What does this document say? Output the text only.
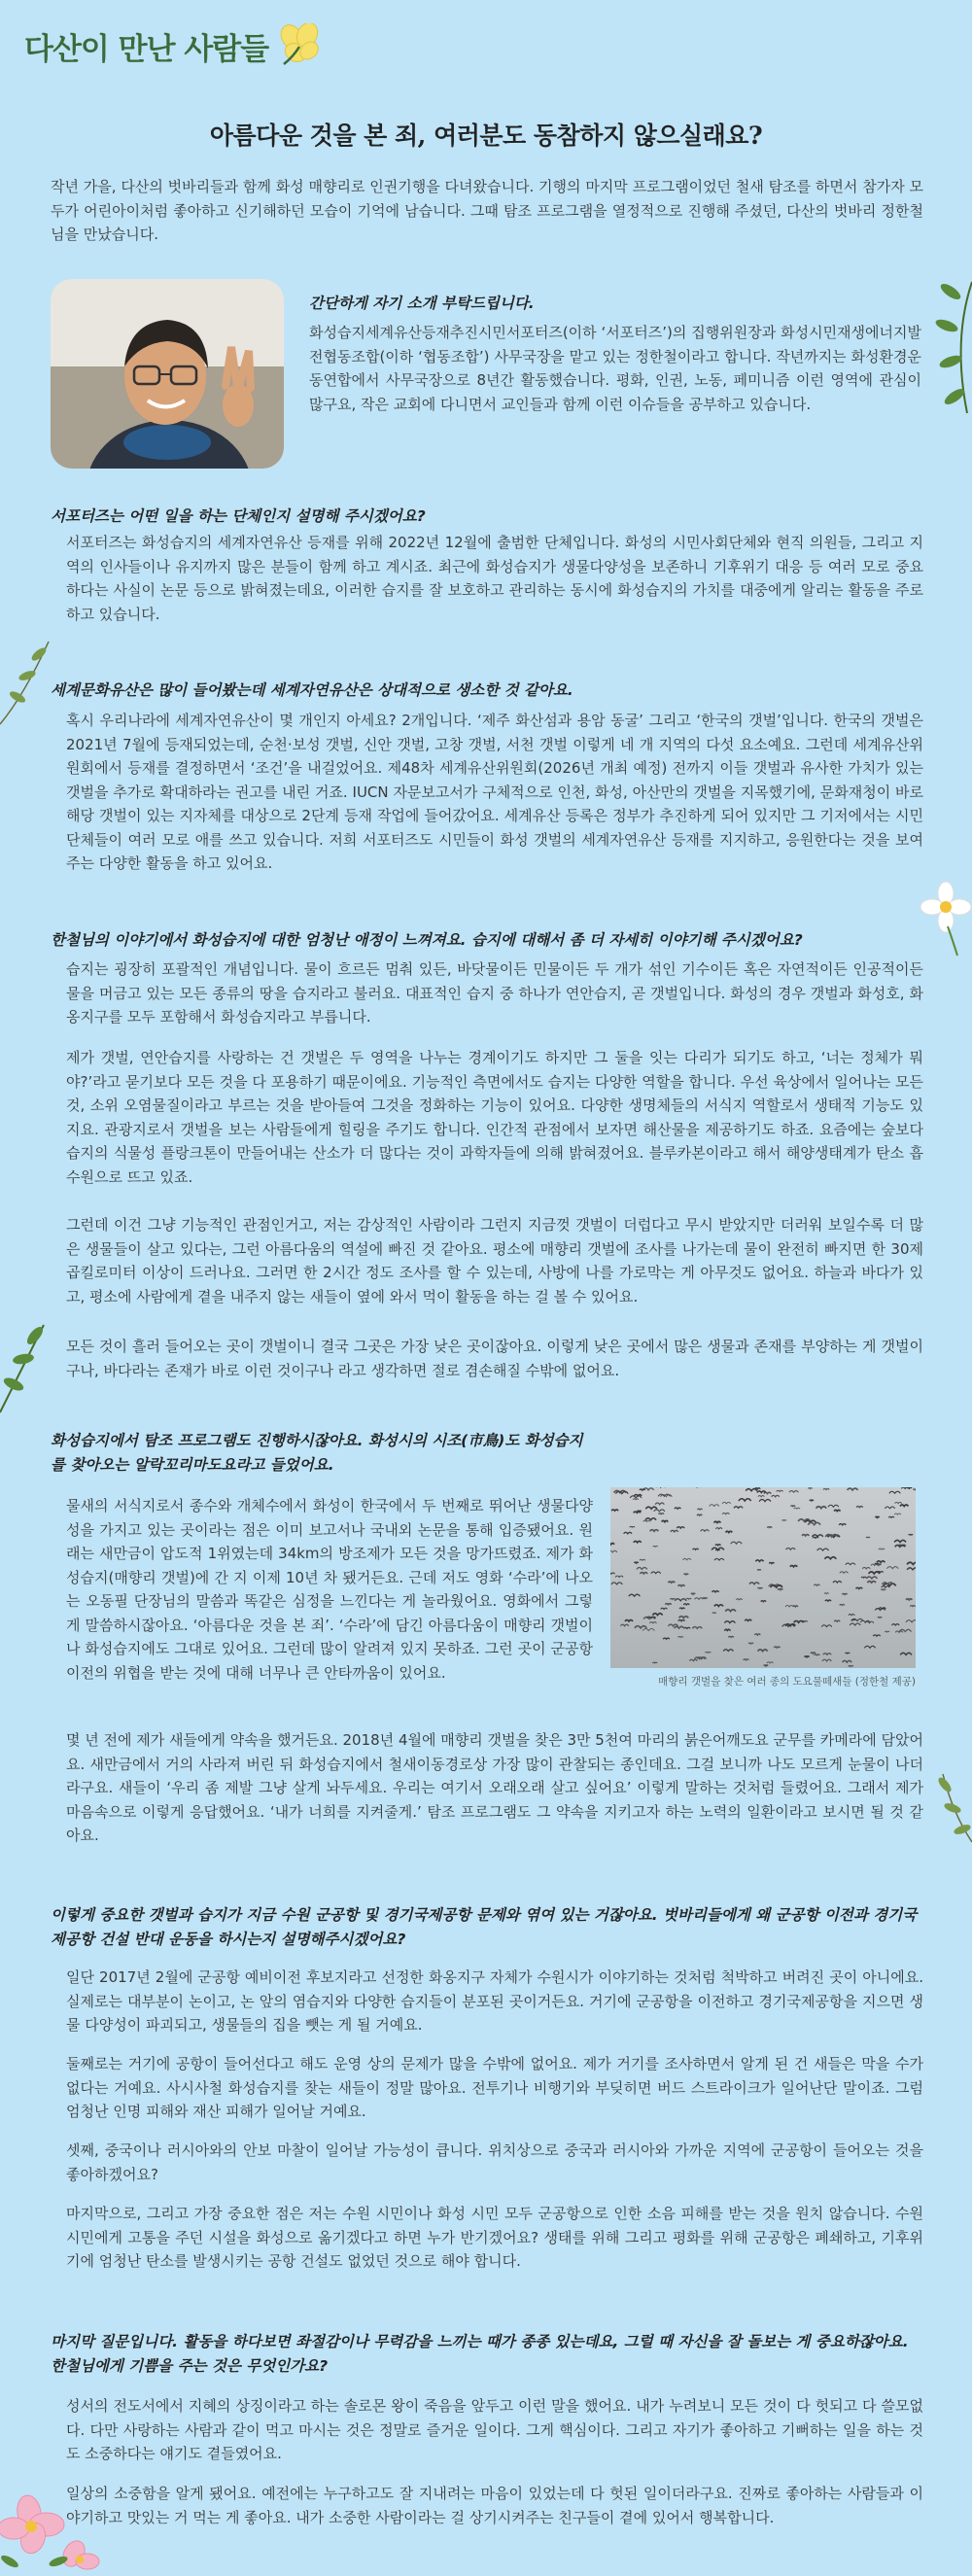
다산이 만난 사람들
아름다운 것을 본 죄, 여러분도 동참하지 않으실래요?

작년 가을, 다산의 벗바리들과 함께 화성 매향리로 인권기행을 다녀왔습니다. 기행의 마지막 프로그램이었던 철새 탐조를 하면서 참가자 모두가 어린아이처럼 좋아하고 신기해하던 모습이 기억에 남습니다. 그때 탐조 프로그램을 열정적으로 진행해 주셨던, 다산의 벗바리 정한철 님을 만났습니다.

간단하게 자기 소개 부탁드립니다.

화성습지세계유산등재추진시민서포터즈(이하 ‘서포터즈’)의 집행위원장과 화성시민재생에너지발전협동조합(이하 ‘협동조합’) 사무국장을 맡고 있는 정한철이라고 합니다. 작년까지는 화성환경운동연합에서 사무국장으로 8년간 활동했습니다. 평화, 인권, 노동, 페미니즘 이런 영역에 관심이 많구요, 작은 교회에 다니면서 교인들과 함께 이런 이슈들을 공부하고 있습니다.

서포터즈는 어떤 일을 하는 단체인지 설명해 주시겠어요?

서포터즈는 화성습지의 세계자연유산 등재를 위해 2022년 12월에 출범한 단체입니다. 화성의 시민사회단체와 현직 의원들, 그리고 지역의 인사들이나 유지까지 많은 분들이 함께 하고 계시죠. 최근에 화성습지가 생물다양성을 보존하니 기후위기 대응 등 여러 모로 중요하다는 사실이 논문 등으로 밝혀졌는데요, 이러한 습지를 잘 보호하고 관리하는 동시에 화성습지의 가치를 대중에게 알리는 활동을 주로 하고 있습니다.

세계문화유산은 많이 들어봤는데 세계자연유산은 상대적으로 생소한 것 같아요.

혹시 우리나라에 세계자연유산이 몇 개인지 아세요? 2개입니다. ‘제주 화산섬과 용암 동굴’ 그리고 ‘한국의 갯벌’입니다. 한국의 갯벌은 2021년 7월에 등재되었는데, 순천·보성 갯벌, 신안 갯벌, 고창 갯벌, 서천 갯벌 이렇게 네 개 지역의 다섯 요소예요. 그런데 세계유산위원회에서 등재를 결정하면서 ‘조건’을 내걸었어요. 제48차 세계유산위원회(2026년 개최 예정) 전까지 이들 갯벌과 유사한 가치가 있는 갯벌을 추가로 확대하라는 권고를 내린 거죠. IUCN 자문보고서가 구체적으로 인천, 화성, 아산만의 갯벌을 지목했기에, 문화재청이 바로 해당 갯벌이 있는 지자체를 대상으로 2단계 등재 작업에 들어갔어요. 세계유산 등록은 정부가 추진하게 되어 있지만 그 기저에서는 시민단체들이 여러 모로 애를 쓰고 있습니다. 저희 서포터즈도 시민들이 화성 갯벌의 세계자연유산 등재를 지지하고, 응원한다는 것을 보여주는 다양한 활동을 하고 있어요.

한철님의 이야기에서 화성습지에 대한 엄청난 애정이 느껴져요. 습지에 대해서 좀 더 자세히 이야기해 주시겠어요?

습지는 굉장히 포괄적인 개념입니다. 물이 흐르든 멈춰 있든, 바닷물이든 민물이든 두 개가 섞인 기수이든 혹은 자연적이든 인공적이든 물을 머금고 있는 모든 종류의 땅을 습지라고 불러요. 대표적인 습지 중 하나가 연안습지, 곧 갯벌입니다. 화성의 경우 갯벌과 화성호, 화옹지구를 모두 포함해서 화성습지라고 부릅니다.

제가 갯벌, 연안습지를 사랑하는 건 갯벌은 두 영역을 나누는 경계이기도 하지만 그 둘을 잇는 다리가 되기도 하고, ‘너는 정체가 뭐야?’라고 묻기보다 모든 것을 다 포용하기 때문이에요. 기능적인 측면에서도 습지는 다양한 역할을 합니다. 우선 육상에서 일어나는 모든 것, 소위 오염물질이라고 부르는 것을 받아들여 그것을 정화하는 기능이 있어요. 다양한 생명체들의 서식지 역할로서 생태적 기능도 있지요. 관광지로서 갯벌을 보는 사람들에게 힐링을 주기도 합니다. 인간적 관점에서 보자면 해산물을 제공하기도 하죠. 요즘에는 숲보다 습지의 식물성 플랑크톤이 만들어내는 산소가 더 많다는 것이 과학자들에 의해 밝혀졌어요. 블루카본이라고 해서 해양생태계가 탄소 흡수원으로 뜨고 있죠.

그런데 이건 그냥 기능적인 관점인거고, 저는 감상적인 사람이라 그런지 지금껏 갯벌이 더럽다고 무시 받았지만 더러워 보일수록 더 많은 생물들이 살고 있다는, 그런 아름다움의 역설에 빠진 것 같아요. 평소에 매향리 갯벌에 조사를 나가는데 물이 완전히 빠지면 한 30제곱킬로미터 이상이 드러나요. 그러면 한 2시간 정도 조사를 할 수 있는데, 사방에 나를 가로막는 게 아무것도 없어요. 하늘과 바다가 있고, 평소에 사람에게 곁을 내주지 않는 새들이 옆에 와서 먹이 활동을 하는 걸 볼 수 있어요.

모든 것이 흘러 들어오는 곳이 갯벌이니 결국 그곳은 가장 낮은 곳이잖아요. 이렇게 낮은 곳에서 많은 생물과 존재를 부양하는 게 갯벌이구나, 바다라는 존재가 바로 이런 것이구나 라고 생각하면 절로 겸손해질 수밖에 없어요.

화성습지에서 탐조 프로그램도 진행하시잖아요. 화성시의 시조(市鳥)도 화성습지를 찾아오는 알락꼬리마도요라고 들었어요.

물새의 서식지로서 종수와 개체수에서 화성이 한국에서 두 번째로 뛰어난 생물다양성을 가지고 있는 곳이라는 점은 이미 보고서나 국내외 논문을 통해 입증됐어요. 원래는 새만금이 압도적 1위였는데 34km의 방조제가 모든 것을 망가뜨렸죠. 제가 화성습지(매향리 갯벌)에 간 지 이제 10년 차 됐거든요. 근데 저도 영화 ‘수라’에 나오는 오동필 단장님의 말씀과 똑같은 심정을 느낀다는 게 놀라웠어요. 영화에서 그렇게 말씀하시잖아요. ‘아름다운 것을 본 죄’. ‘수라’에 담긴 아름다움이 매향리 갯벌이나 화성습지에도 그대로 있어요. 그런데 많이 알려져 있지 못하죠. 그런 곳이 군공항 이전의 위협을 받는 것에 대해 너무나 큰 안타까움이 있어요.

매향리 갯벌을 찾은 여러 종의 도요물떼새들 (정한철 제공)

몇 년 전에 제가 새들에게 약속을 했거든요. 2018년 4월에 매향리 갯벌을 찾은 3만 5천여 마리의 붉은어깨도요 군무를 카메라에 담았어요. 새만금에서 거의 사라져 버린 뒤 화성습지에서 철새이동경로상 가장 많이 관찰되는 종인데요. 그걸 보니까 나도 모르게 눈물이 나더라구요. 새들이 ‘우리 좀 제발 그냥 살게 놔두세요. 우리는 여기서 오래오래 살고 싶어요’ 이렇게 말하는 것처럼 들렸어요. 그래서 제가 마음속으로 이렇게 응답했어요. ‘내가 너희를 지켜줄게.’ 탐조 프로그램도 그 약속을 지키고자 하는 노력의 일환이라고 보시면 될 것 같아요.

이렇게 중요한 갯벌과 습지가 지금 수원 군공항 및 경기국제공항 문제와 엮여 있는 거잖아요. 벗바리들에게 왜 군공항 이전과 경기국제공항 건설 반대 운동을 하시는지 설명해주시겠어요?

일단 2017년 2월에 군공항 예비이전 후보지라고 선정한 화옹지구 자체가 수원시가 이야기하는 것처럼 척박하고 버려진 곳이 아니에요. 실제로는 대부분이 논이고, 논 앞의 염습지와 다양한 습지들이 분포된 곳이거든요. 거기에 군공항을 이전하고 경기국제공항을 지으면 생물 다양성이 파괴되고, 생물들의 집을 뺏는 게 될 거예요.

둘째로는 거기에 공항이 들어선다고 해도 운영 상의 문제가 많을 수밖에 없어요. 제가 거기를 조사하면서 알게 된 건 새들은 막을 수가 없다는 거예요. 사시사철 화성습지를 찾는 새들이 정말 많아요. 전투기나 비행기와 부딪히면 버드 스트라이크가 일어난단 말이죠. 그럼 엄청난 인명 피해와 재산 피해가 일어날 거예요.

셋째, 중국이나 러시아와의 안보 마찰이 일어날 가능성이 큽니다. 위치상으로 중국과 러시아와 가까운 지역에 군공항이 들어오는 것을 좋아하겠어요?

마지막으로, 그리고 가장 중요한 점은 저는 수원 시민이나 화성 시민 모두 군공항으로 인한 소음 피해를 받는 것을 원치 않습니다. 수원 시민에게 고통을 주던 시설을 화성으로 옮기겠다고 하면 누가 반기겠어요? 생태를 위해 그리고 평화를 위해 군공항은 폐쇄하고, 기후위기에 엄청난 탄소를 발생시키는 공항 건설도 없었던 것으로 해야 합니다.

마지막 질문입니다. 활동을 하다보면 좌절감이나 무력감을 느끼는 때가 종종 있는데요, 그럴 때 자신을 잘 돌보는 게 중요하잖아요. 한철님에게 기쁨을 주는 것은 무엇인가요?

성서의 전도서에서 지혜의 상징이라고 하는 솔로몬 왕이 죽음을 앞두고 이런 말을 했어요. 내가 누려보니 모든 것이 다 헛되고 다 쓸모없다. 다만 사랑하는 사람과 같이 먹고 마시는 것은 정말로 즐거운 일이다. 그게 핵심이다. 그리고 자기가 좋아하고 기뻐하는 일을 하는 것도 소중하다는 얘기도 곁들였어요.

일상의 소중함을 알게 됐어요. 예전에는 누구하고도 잘 지내려는 마음이 있었는데 다 헛된 일이더라구요. 진짜로 좋아하는 사람들과 이야기하고 맛있는 거 먹는 게 좋아요. 내가 소중한 사람이라는 걸 상기시켜주는 친구들이 곁에 있어서 행복합니다.
